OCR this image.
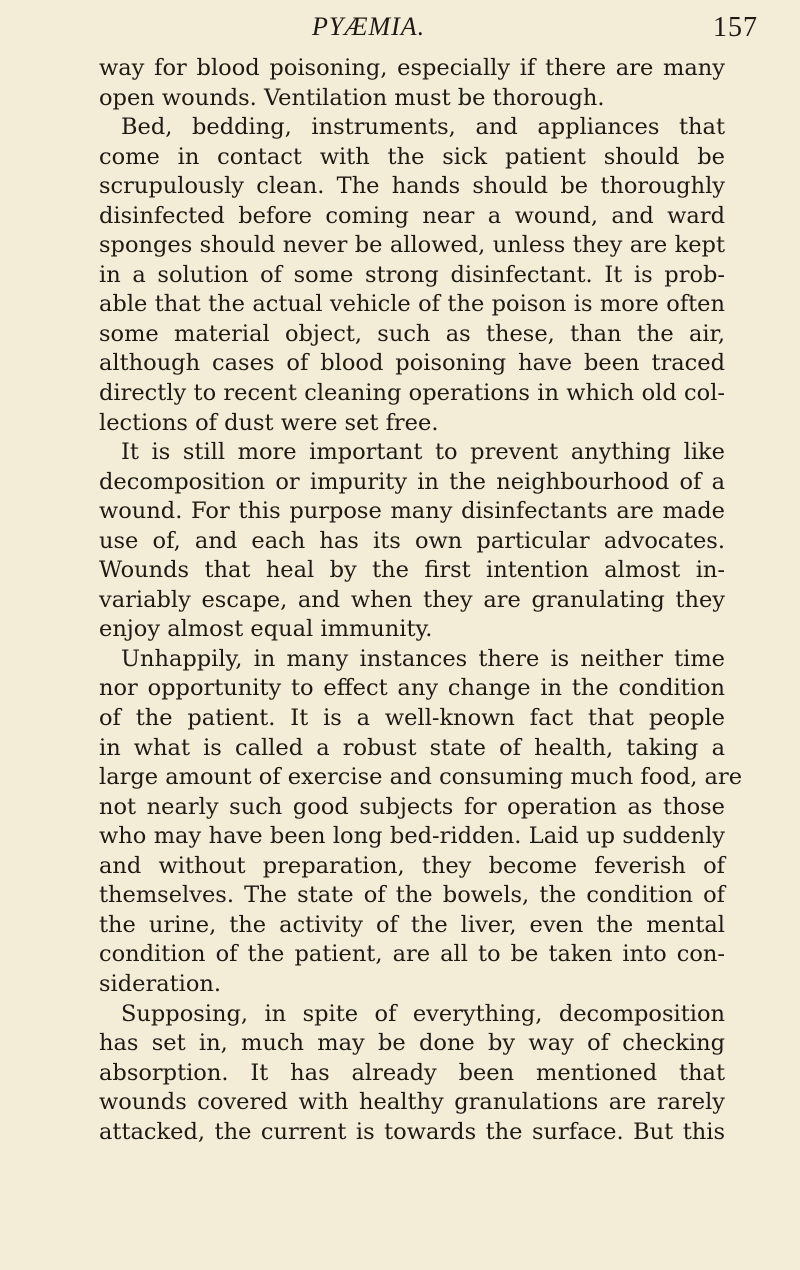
PYÆMIA.	157
way for blood poisoning, especially if there are many
open wounds. Ventilation must be thorough.
Bed, bedding, instruments, and appliances that
come in contact with the sick patient should be
scrupulously clean. The hands should be thoroughly
disinfected before coming near a wound, and ward
sponges should never be allowed, unless they are kept
in a solution of some strong disinfectant. It is prob-
able that the actual vehicle of the poison is more often
some material object, such as these, than the air,
although cases of blood poisoning have been traced
directly to recent cleaning operations in which old col-
lections of dust were set free.
It is still more important to prevent anything like
decomposition or impurity in the neighbourhood of a
wound. For this purpose many disinfectants are made
use of, and each has its own particular advocates.
Wounds that heal by the first intention almost in-
variably escape, and when they are granulating they
enjoy almost equal immunity.
Unhappily, in many instances there is neither time
nor opportunity to effect any change in the condition
of the patient. It is a well-known fact that people
in what is called a robust state of health, taking a
large amount of exercise and consuming much food, are
not nearly such good subjects for operation as those
who may have been long bed-ridden. Laid up suddenly
and without preparation, they become feverish of
themselves. The state of the bowels, the condition of
the urine, the activity of the liver, even the mental
condition of the patient, are all to be taken into con-
sideration.
Supposing, in spite of everything, decomposition
has set in, much may be done by way of checking
absorption. It has already been mentioned that
wounds covered with healthy granulations are rarely
attacked, the current is towards the surface. But this
